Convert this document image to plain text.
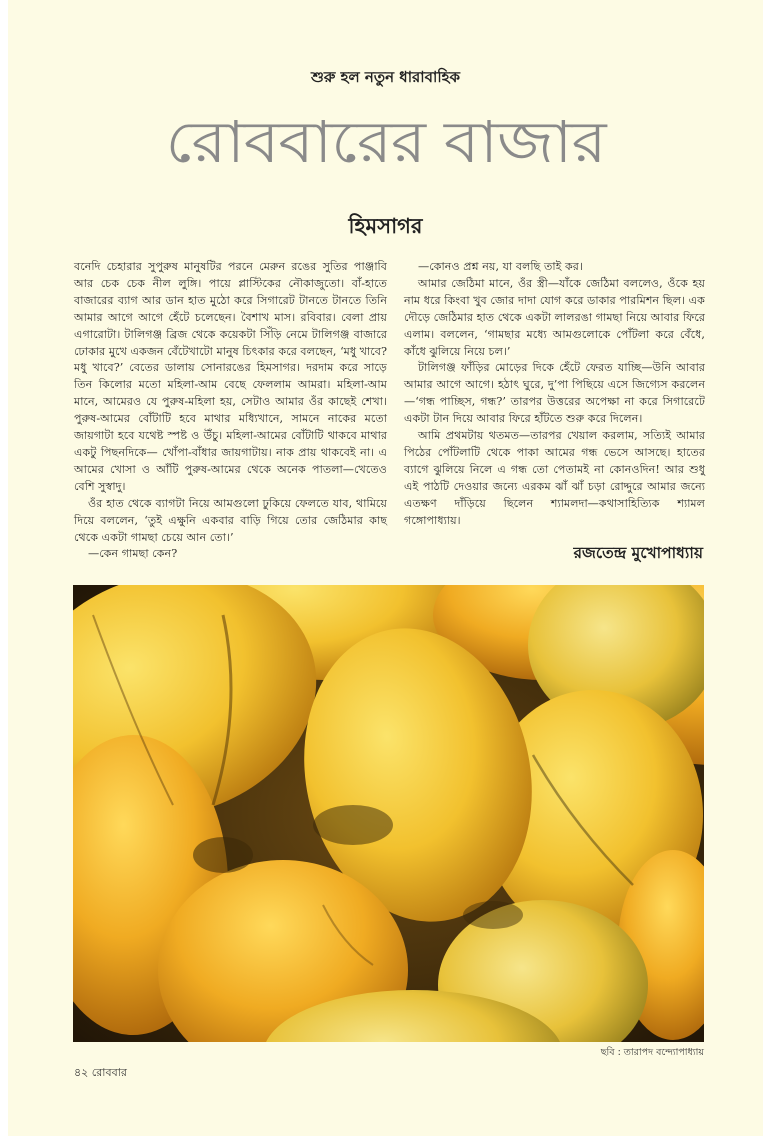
শুরু হল নতুন ধারাবাহিক
রোববারের বাজার
হিমসাগর

বনেদি চেহারার সুপুরুষ মানুষটির পরনে মেরুন রঙের সুতির পাঞ্জাবি আর চেক চেক নীল লুঙ্গি। পায়ে প্লাস্টিকের নৌকাজুতো। বাঁ-হাতে বাজারের ব্যাগ আর ডান হাত মুঠো করে সিগারেট টানতে টানতে তিনি আমার আগে আগে হেঁটে চলেছেন। বৈশাখ মাস। রবিবার। বেলা প্রায় এগারোটা। টালিগঞ্জ ব্রিজ থেকে কয়েকটা সিঁড়ি নেমে টালিগঞ্জ বাজারে ঢোকার মুখে একজন বেঁটেখাটো মানুষ চিৎকার করে বলছেন, ‘মধু খাবে? মধু খাবে?’ বেতের ডালায় সোনারঙের হিমসাগর। দরদাম করে সাড়ে তিন কিলোর মতো মহিলা-আম বেছে ফেললাম আমরা। মহিলা-আম মানে, আমেরও যে পুরুষ-মহিলা হয়, সেটাও আমার ওঁর কাছেই শেখা। পুরুষ-আমের বোঁটাটি হবে মাথার মধ্যিখানে, সামনে নাকের মতো জায়গাটা হবে যথেষ্ট স্পষ্ট ও উঁচু। মহিলা-আমের বোঁটাটি থাকবে মাথার একটু পিছনদিকে— খোঁপা-বাঁধার জায়গাটায়। নাক প্রায় থাকবেই না। এ আমের খোসা ও আঁটি পুরুষ-আমের থেকে অনেক পাতলা—খেতেও বেশি সুস্বাদু।

ওঁর হাত থেকে ব্যাগটা নিয়ে আমগুলো ঢুকিয়ে ফেলতে যাব, থামিয়ে দিয়ে বললেন, ‘তুই এক্ষুনি একবার বাড়ি গিয়ে তোর জেঠিমার কাছ থেকে একটা গামছা চেয়ে আন তো।’

—কেন গামছা কেন?

—কোনও প্রশ্ন নয়, যা বলছি তাই কর।

আমার জেঠিমা মানে, ওঁর স্ত্রী—যাঁকে জেঠিমা বললেও, ওঁকে হয় নাম ধরে কিংবা খুব জোর দাদা যোগ করে ডাকার পারমিশন ছিল। এক দৌড়ে জেঠিমার হাত থেকে একটা লালরঙা গামছা নিয়ে আবার ফিরে এলাম। বললেন, ‘গামছার মধ্যে আমগুলোকে পোঁটলা করে বেঁধে, কাঁধে ঝুলিয়ে নিয়ে চল।’

টালিগঞ্জ ফাঁড়ির মোড়ের দিকে হেঁটে ফেরত যাচ্ছি—উনি আবার আমার আগে আগে। হঠাৎ ঘুরে, দু’পা পিছিয়ে এসে জিগ্যেস করলেন—‘গন্ধ পাচ্ছিস, গন্ধ?’ তারপর উত্তরের অপেক্ষা না করে সিগারেটে একটা টান দিয়ে আবার ফিরে হাঁটতে শুরু করে দিলেন।

আমি প্রথমটায় থতমত—তারপর খেয়াল করলাম, সত্যিই আমার পিঠের পোঁটলাটি থেকে পাকা আমের গন্ধ ভেসে আসছে। হাতের ব্যাগে ঝুলিয়ে নিলে এ গন্ধ তো পেতামই না কোনওদিন! আর শুধু এই পাঠটি দেওয়ার জন্যে এরকম ঝাঁ ঝাঁ চড়া রোদ্দুরে আমার জন্যে এতক্ষণ দাঁড়িয়ে ছিলেন শ্যামলদা—কথাসাহিত্যিক শ্যামল গঙ্গোপাধ্যায়।

রজতেন্দ্র মুখোপাধ্যায়
ছবি : তারাপদ বন্দ্যোপাধ্যায়
৪২ রোববার
